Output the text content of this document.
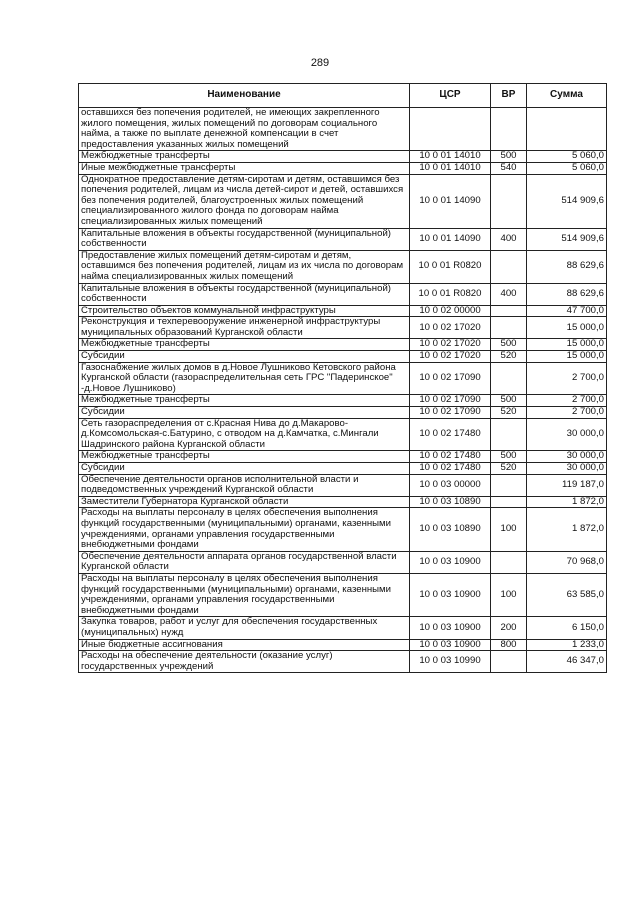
289
Наименование	ЦСР	ВР	Сумма
оставшихся без попечения родителей, не имеющих закрепленного жилого помещения, жилых помещений по договорам социального найма, а также по выплате денежной компенсации в счет предоставления указанных жилых помещений			
Межбюджетные трансферты	10 0 01 14010	500	5 060,0
Иные межбюджетные трансферты	10 0 01 14010	540	5 060,0
Однократное предоставление детям-сиротам и детям, оставшимся без попечения родителей, лицам из числа детей-сирот и детей, оставшихся без попечения родителей, благоустроенных жилых помещений специализированного жилого фонда по договорам найма специализированных жилых помещений	10 0 01 14090		514 909,6
Капитальные вложения в объекты государственной (муниципальной) собственности	10 0 01 14090	400	514 909,6
Предоставление жилых помещений детям-сиротам и детям, оставшимся без попечения родителей, лицам из их числа по договорам найма специализированных жилых помещений	10 0 01 R0820		88 629,6
Капитальные вложения в объекты государственной (муниципальной) собственности	10 0 01 R0820	400	88 629,6
Строительство объектов коммунальной инфраструктуры	10 0 02 00000		47 700,0
Реконструкция и техперевооружение инженерной инфраструктуры муниципальных образований Курганской области	10 0 02 17020		15 000,0
Межбюджетные трансферты	10 0 02 17020	500	15 000,0
Субсидии	10 0 02 17020	520	15 000,0
Газоснабжение жилых домов в д.Новое Лушниково Кетовского района Курганской области (газораспределительная сеть ГРС "Падеринское" -д.Новое Лушниково)	10 0 02 17090		2 700,0
Межбюджетные трансферты	10 0 02 17090	500	2 700,0
Субсидии	10 0 02 17090	520	2 700,0
Сеть газораспределения от с.Красная Нива до д.Макарово-д.Комсомольская-с.Батурино, с отводом на д.Камчатка, с.Мингали Шадринского района Курганской области	10 0 02 17480		30 000,0
Межбюджетные трансферты	10 0 02 17480	500	30 000,0
Субсидии	10 0 02 17480	520	30 000,0
Обеспечение деятельности органов исполнительной власти и подведомственных учреждений Курганской области	10 0 03 00000		119 187,0
Заместители Губернатора Курганской области	10 0 03 10890		1 872,0
Расходы на выплаты персоналу в целях обеспечения выполнения функций государственными (муниципальными) органами, казенными учреждениями, органами управления государственными внебюджетными фондами	10 0 03 10890	100	1 872,0
Обеспечение деятельности аппарата органов государственной власти Курганской области	10 0 03 10900		70 968,0
Расходы на выплаты персоналу в целях обеспечения выполнения функций государственными (муниципальными) органами, казенными учреждениями, органами управления государственными внебюджетными фондами	10 0 03 10900	100	63 585,0
Закупка товаров, работ и услуг для обеспечения государственных (муниципальных) нужд	10 0 03 10900	200	6 150,0
Иные бюджетные ассигнования	10 0 03 10900	800	1 233,0
Расходы на обеспечение деятельности (оказание услуг) государственных учреждений	10 0 03 10990		46 347,0
